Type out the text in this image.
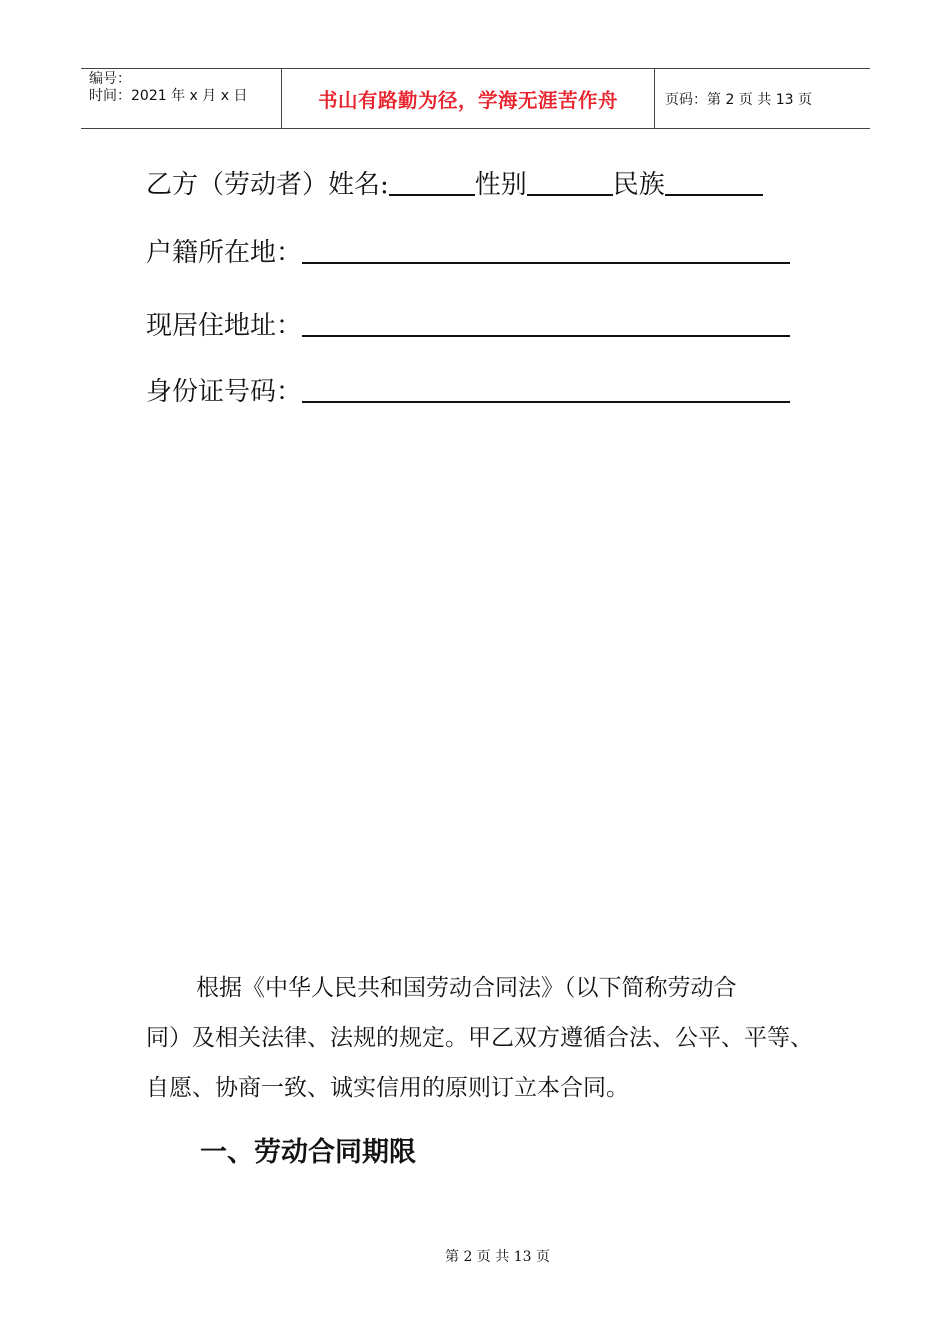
编号：
时间：2021 年 x 月 x 日	书山有路勤为径，学海无涯苦作舟	页码：第 2 页 共 13 页
乙方（劳动者）姓名:	性别	民族
户籍所在地：
现居住地址：
身份证号码：
根据《中华人民共和国劳动合同法》（以下简称劳动合
同）及相关法律、法规的规定。甲乙双方遵循合法、公平、平等、
自愿、协商一致、诚实信用的原则订立本合同。
一、劳动合同期限
第 2 页 共 13 页
